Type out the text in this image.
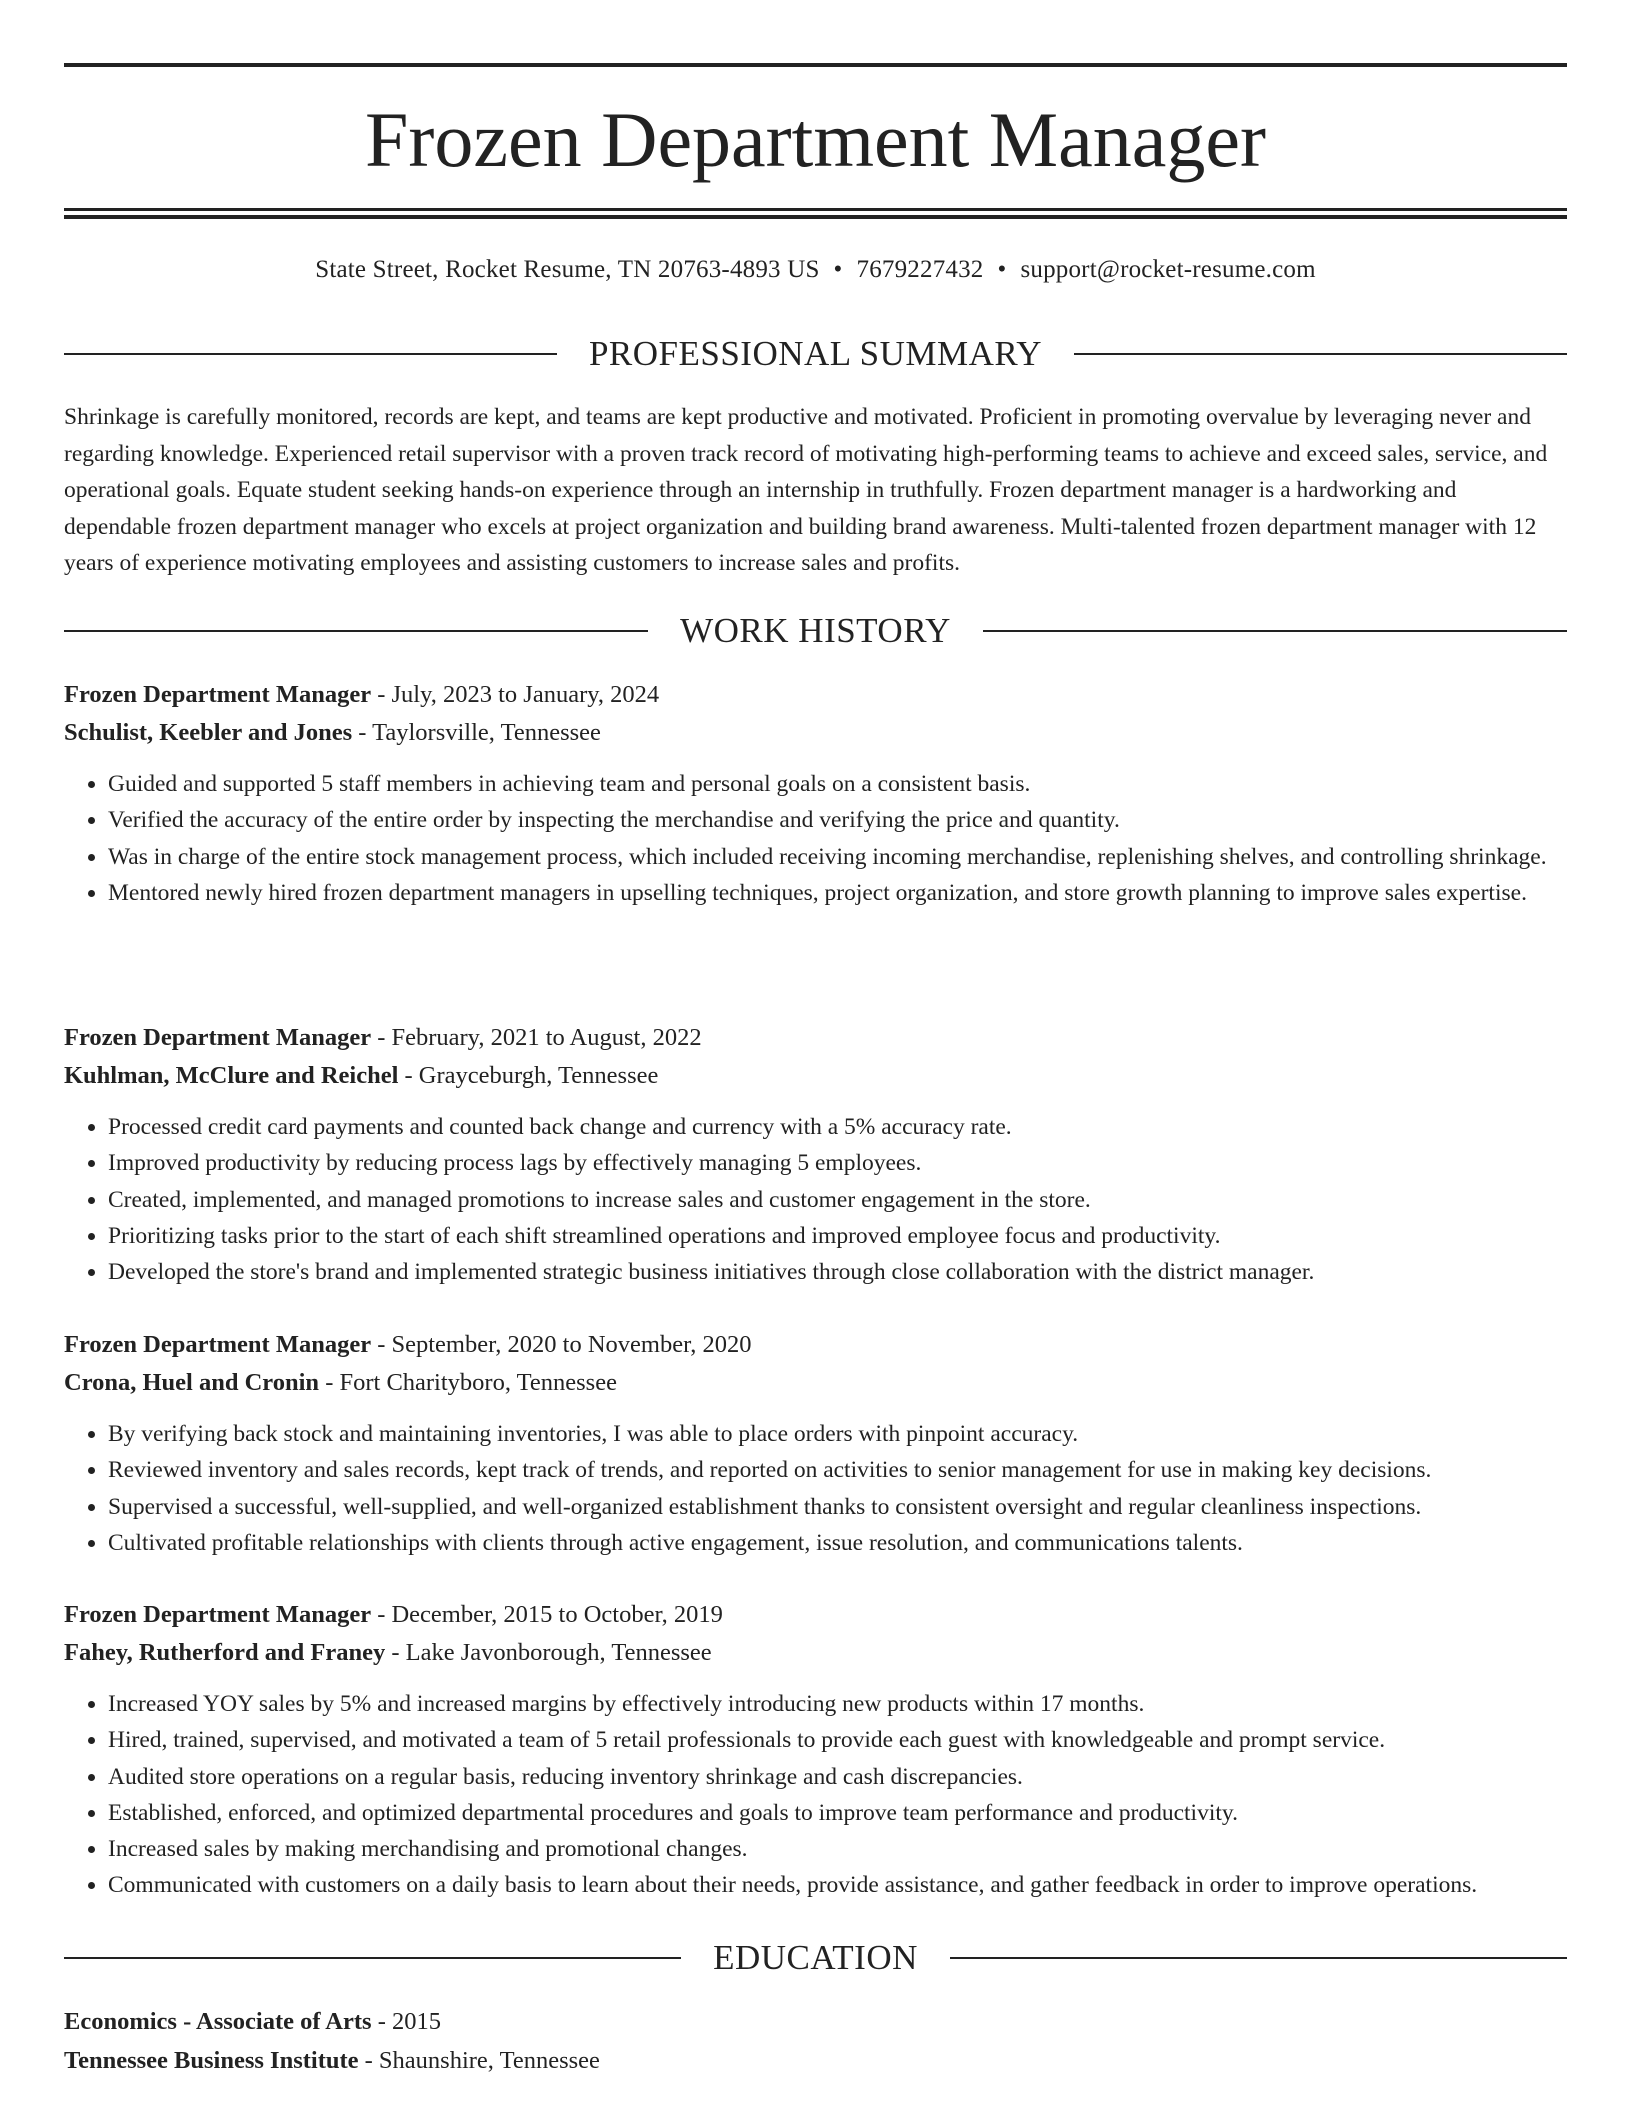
Frozen Department Manager
State Street, Rocket Resume, TN 20763-4893 US • 7679227432 • support@rocket-resume.com
PROFESSIONAL SUMMARY

Shrinkage is carefully monitored, records are kept, and teams are kept productive and motivated. Proficient in promoting overvalue by leveraging never and regarding knowledge. Experienced retail supervisor with a proven track record of motivating high-performing teams to achieve and exceed sales, service, and operational goals. Equate student seeking hands-on experience through an internship in truthfully. Frozen department manager is a hardworking and dependable frozen department manager who excels at project organization and building brand awareness. Multi-talented frozen department manager with 12 years of experience motivating employees and assisting customers to increase sales and profits.

WORK HISTORY
Frozen Department Manager - July, 2023 to January, 2024
Schulist, Keebler and Jones - Taylorsville, Tennessee
• Guided and supported 5 staff members in achieving team and personal goals on a consistent basis.
• Verified the accuracy of the entire order by inspecting the merchandise and verifying the price and quantity.
• Was in charge of the entire stock management process, which included receiving incoming merchandise, replenishing shelves, and controlling shrinkage.
• Mentored newly hired frozen department managers in upselling techniques, project organization, and store growth planning to improve sales expertise.
Frozen Department Manager - February, 2021 to August, 2022
Kuhlman, McClure and Reichel - Grayceburgh, Tennessee
• Processed credit card payments and counted back change and currency with a 5% accuracy rate.
• Improved productivity by reducing process lags by effectively managing 5 employees.
• Created, implemented, and managed promotions to increase sales and customer engagement in the store.
• Prioritizing tasks prior to the start of each shift streamlined operations and improved employee focus and productivity.
• Developed the store's brand and implemented strategic business initiatives through close collaboration with the district manager.
Frozen Department Manager - September, 2020 to November, 2020
Crona, Huel and Cronin - Fort Charityboro, Tennessee
• By verifying back stock and maintaining inventories, I was able to place orders with pinpoint accuracy.
• Reviewed inventory and sales records, kept track of trends, and reported on activities to senior management for use in making key decisions.
• Supervised a successful, well-supplied, and well-organized establishment thanks to consistent oversight and regular cleanliness inspections.
• Cultivated profitable relationships with clients through active engagement, issue resolution, and communications talents.
Frozen Department Manager - December, 2015 to October, 2019
Fahey, Rutherford and Franey - Lake Javonborough, Tennessee
• Increased YOY sales by 5% and increased margins by effectively introducing new products within 17 months.
• Hired, trained, supervised, and motivated a team of 5 retail professionals to provide each guest with knowledgeable and prompt service.
• Audited store operations on a regular basis, reducing inventory shrinkage and cash discrepancies.
• Established, enforced, and optimized departmental procedures and goals to improve team performance and productivity.
• Increased sales by making merchandising and promotional changes.
• Communicated with customers on a daily basis to learn about their needs, provide assistance, and gather feedback in order to improve operations.
EDUCATION
Economics - Associate of Arts - 2015
Tennessee Business Institute - Shaunshire, Tennessee
